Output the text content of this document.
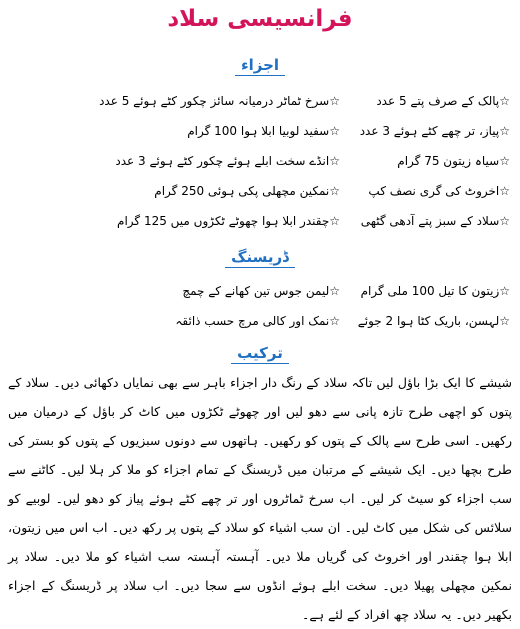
فرانسیسی سلاد
اجزاء
☆پالک کے صرف پتے 5 عدد
☆سرخ ٹماٹر درمیانہ سائز چکور کٹے ہوئے 5 عدد
☆پیاز، تر چھے کٹے ہوئے 3 عدد
☆سفید لوبیا ابلا ہوا 100 گرام
☆سیاہ زیتون 75 گرام
☆انڈے سخت ابلے ہوئے چکور کٹے ہوئے 3 عدد
☆اخروٹ کی گری نصف کپ
☆نمکین مچھلی پکی ہوئی 250 گرام
☆سلاد کے سبز پتے آدھی گٹھی
☆چقندر ابلا ہوا چھوٹے ٹکڑوں میں 125 گرام
ڈریسنگ
☆زیتون کا تیل 100 ملی گرام
☆لیمن جوس تین کھانے کے چمچ
☆لہسن، باریک کٹا ہوا 2 جوئے
☆نمک اور کالی مرچ حسب ذائقہ
ترکیب
شیشے کا ایک بڑا باؤل لیں تاکہ سلاد کے رنگ دار اجزاء باہر سے بھی نمایاں دکھائی دیں۔ سلاد کے پتوں کو اچھی طرح تازہ پانی سے دھو لیں اور چھوٹے ٹکڑوں میں کاٹ کر باؤل کے درمیان میں رکھیں۔ اسی طرح سے پالک کے پتوں کو رکھیں۔ ہاتھوں سے دونوں سبزیوں کے پتوں کو بستر کی طرح بچھا دیں۔ ایک شیشے کے مرتبان میں ڈریسنگ کے تمام اجزاء کو ملا کر ہلا لیں۔ کاٹنے سے سب اجزاء کو سیٹ کر لیں۔ اب سرخ ٹماٹروں اور تر چھے کٹے ہوئے پیاز کو دھو لیں۔ لوبیے کو سلائس کی شکل میں کاٹ لیں۔ ان سب اشیاء کو سلاد کے پتوں پر رکھ دیں۔ اب اس میں زیتون، ابلا ہوا چقندر اور اخروٹ کی گریاں ملا دیں۔ آہستہ آہستہ سب اشیاء کو ملا دیں۔ سلاد پر نمکین مچھلی پھیلا دیں۔ سخت ابلے ہوئے انڈوں سے سجا دیں۔ اب سلاد پر ڈریسنگ کے اجزاء بکھیر دیں۔ یہ سلاد چھ افراد کے لئے ہے۔
